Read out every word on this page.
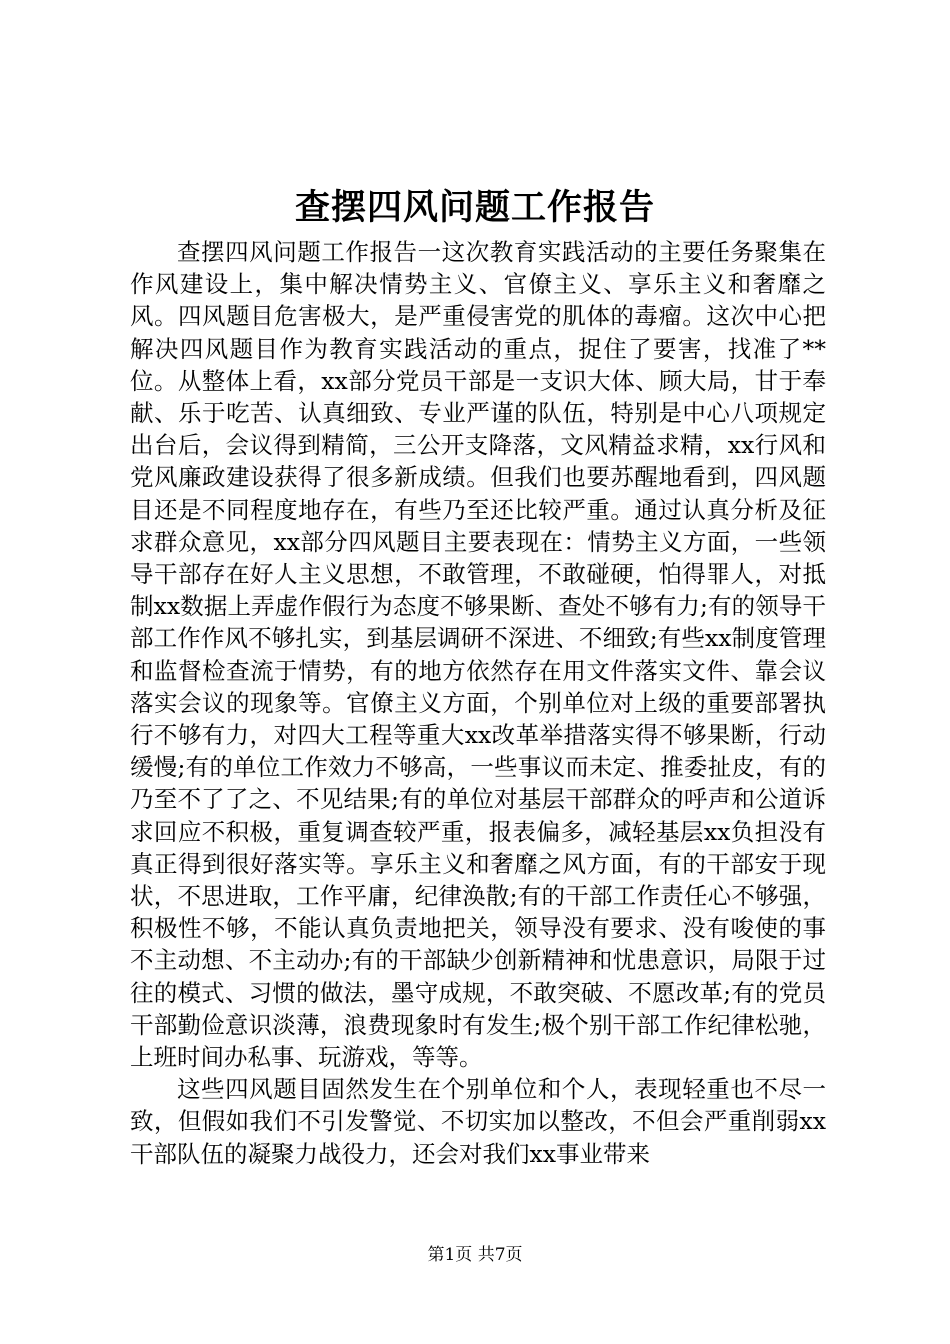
查摆四风问题工作报告

查摆四风问题工作报告一这次教育实践活动的主要任务聚集在作风建设上，集中解决情势主义、官僚主义、享乐主义和奢靡之风。四风题目危害极大，是严重侵害党的肌体的毒瘤。这次中心把解决四风题目作为教育实践活动的重点，捉住了要害，找准了**位。从整体上看，xx部分党员干部是一支识大体、顾大局，甘于奉献、乐于吃苦、认真细致、专业严谨的队伍，特别是中心八项规定出台后，会议得到精简，三公开支降落，文风精益求精，xx行风和党风廉政建设获得了很多新成绩。但我们也要苏醒地看到，四风题目还是不同程度地存在，有些乃至还比较严重。通过认真分析及征求群众意见，xx部分四风题目主要表现在：情势主义方面，一些领导干部存在好人主义思想，不敢管理，不敢碰硬，怕得罪人，对抵制xx数据上弄虚作假行为态度不够果断、查处不够有力;有的领导干部工作作风不够扎实，到基层调研不深进、不细致;有些xx制度管理和监督检查流于情势，有的地方依然存在用文件落实文件、靠会议落实会议的现象等。官僚主义方面，个别单位对上级的重要部署执行不够有力，对四大工程等重大xx改革举措落实得不够果断，行动缓慢;有的单位工作效力不够高，一些事议而未定、推委扯皮，有的乃至不了了之、不见结果;有的单位对基层干部群众的呼声和公道诉求回应不积极，重复调查较严重，报表偏多，减轻基层xx负担没有真正得到很好落实等。享乐主义和奢靡之风方面，有的干部安于现状，不思进取，工作平庸，纪律涣散;有的干部工作责任心不够强，积极性不够，不能认真负责地把关，领导没有要求、没有唆使的事不主动想、不主动办;有的干部缺少创新精神和忧患意识，局限于过往的模式、习惯的做法，墨守成规，不敢突破、不愿改革;有的党员干部勤俭意识淡薄，浪费现象时有发生;极个别干部工作纪律松驰，上班时间办私事、玩游戏，等等。

这些四风题目固然发生在个别单位和个人，表现轻重也不尽一致，但假如我们不引发警觉、不切实加以整改，不但会严重削弱xx干部队伍的凝聚力战役力，还会对我们xx事业带来

第1页 共7页
